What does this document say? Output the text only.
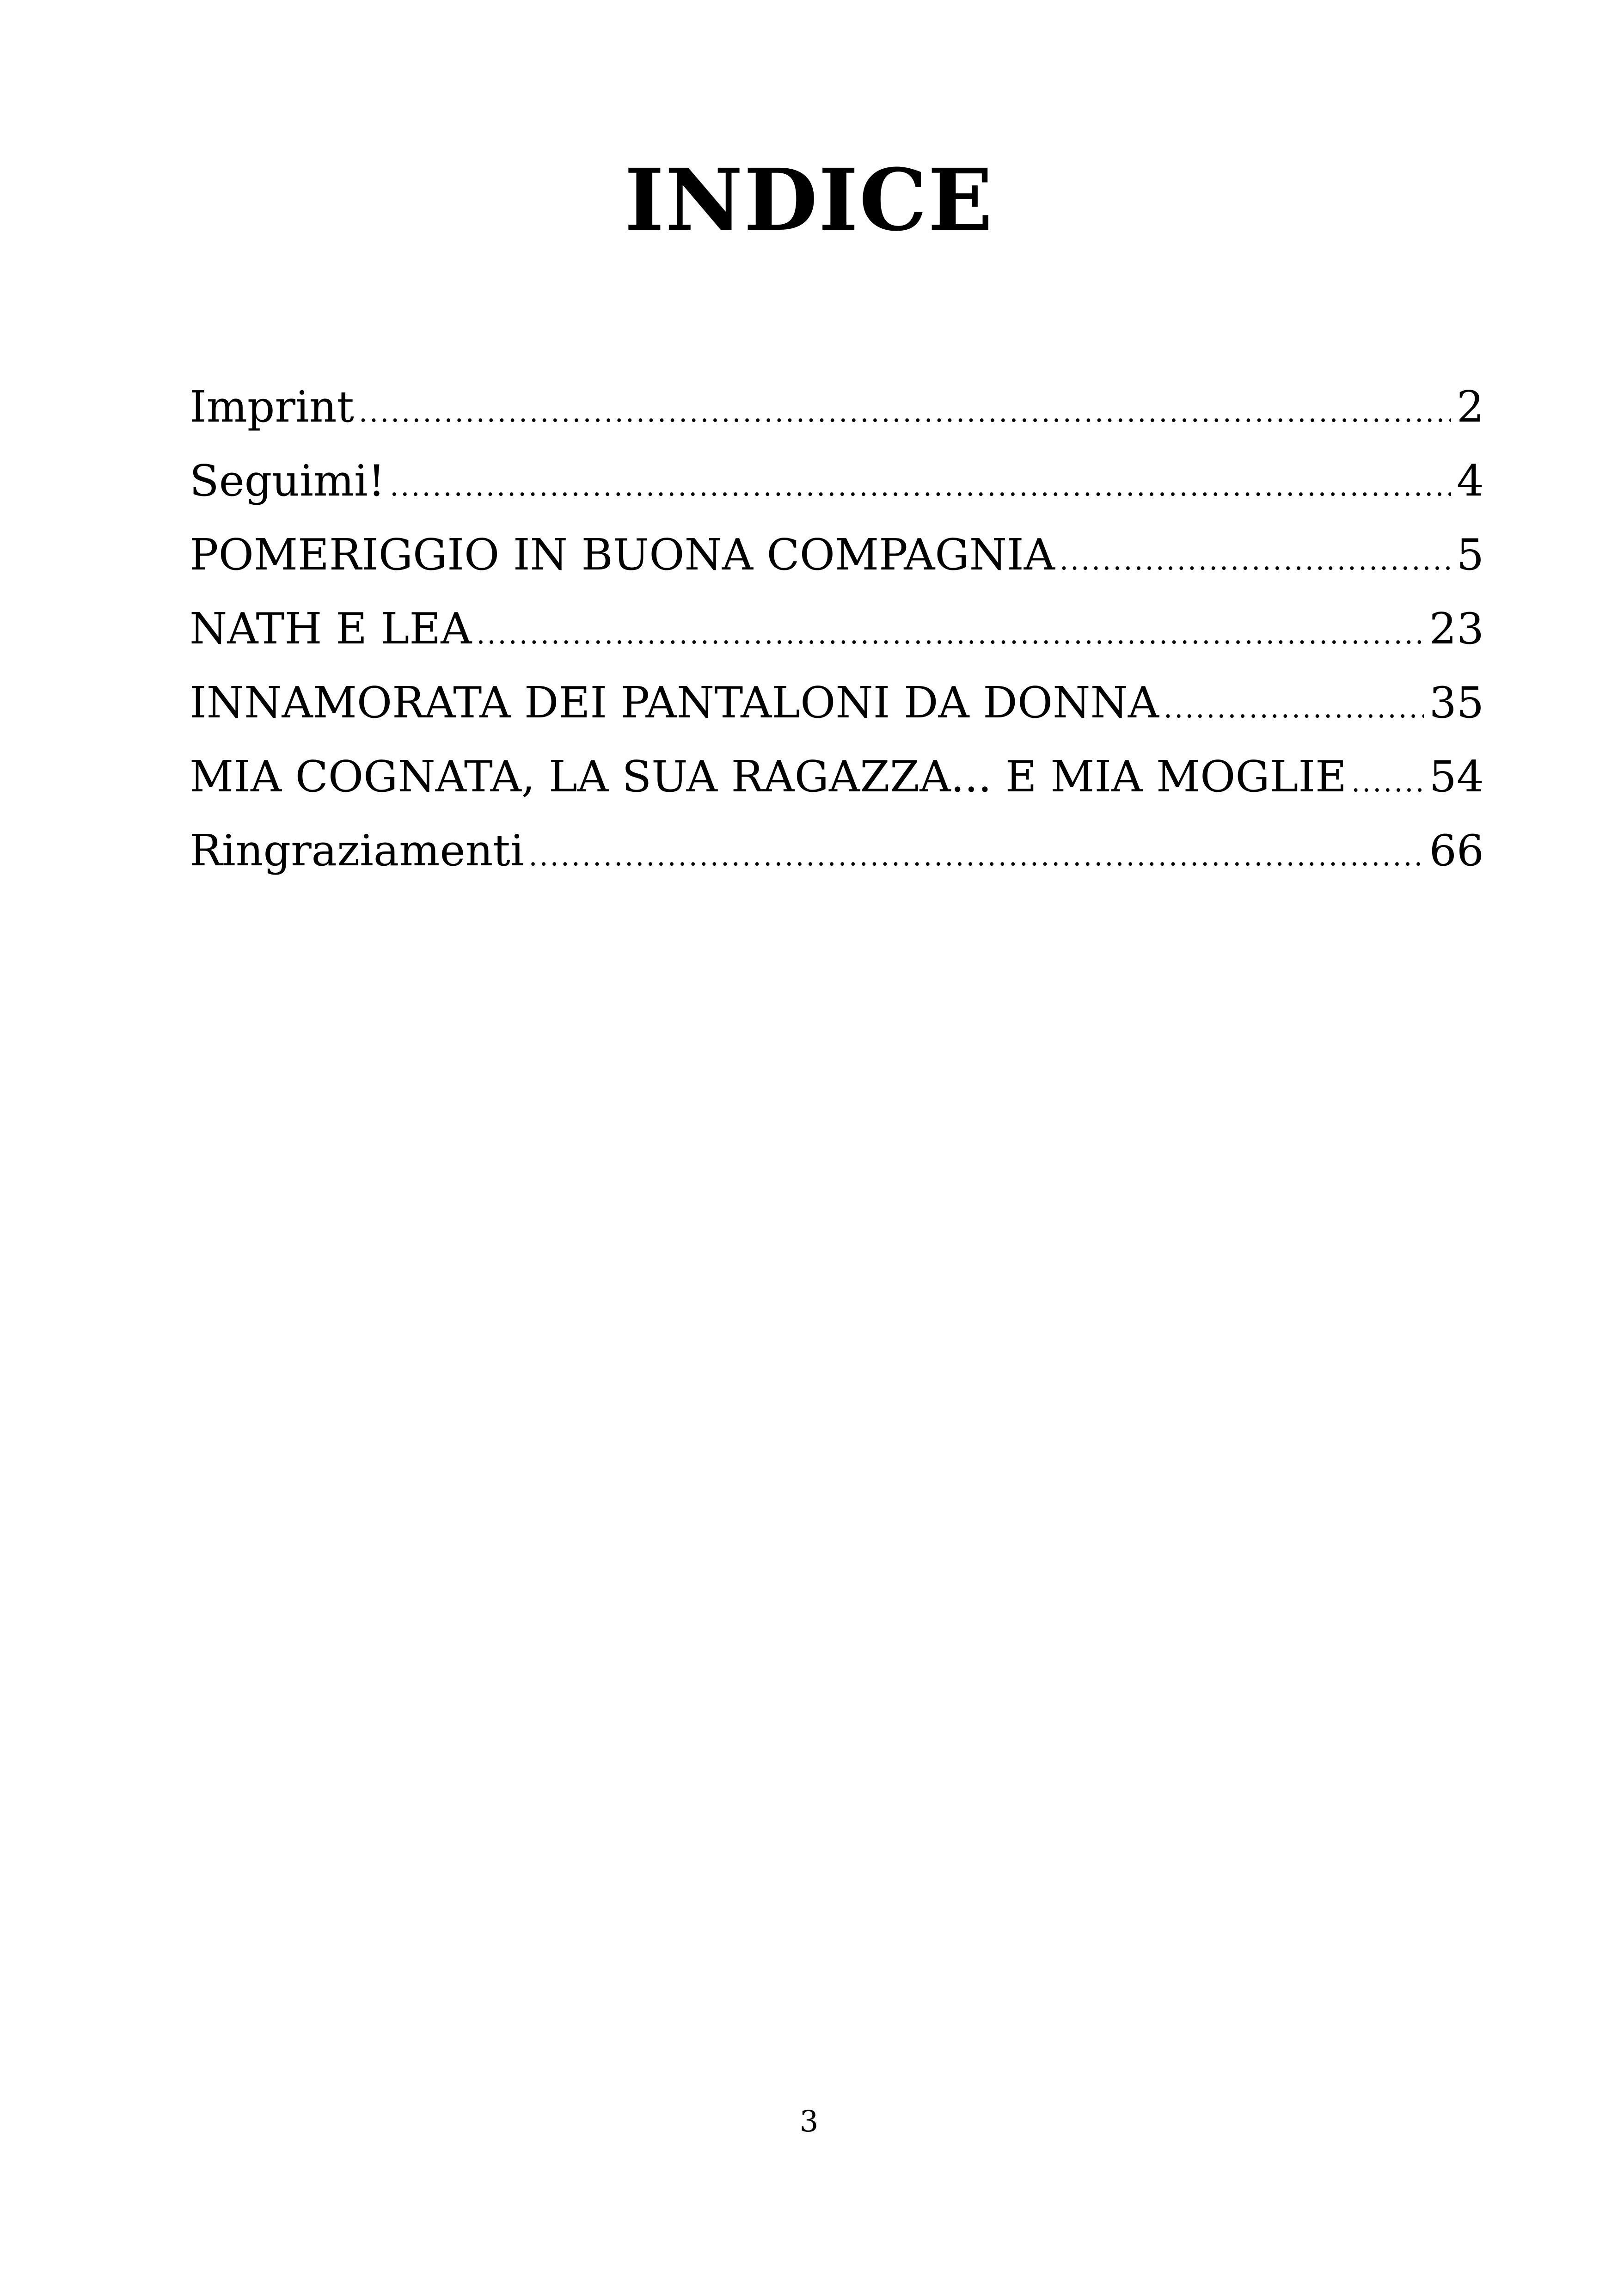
INDICE
Imprint .....	2
Seguimi! .....	4
POMERIGGIO IN BUONA COMPAGNIA .....	5
NATH E LEA .....	23
INNAMORATA DEI PANTALONI DA DONNA .....	35
MIA COGNATA, LA SUA RAGAZZA... E MIA MOGLIE ..... 54
Ringraziamenti .....	66
3
